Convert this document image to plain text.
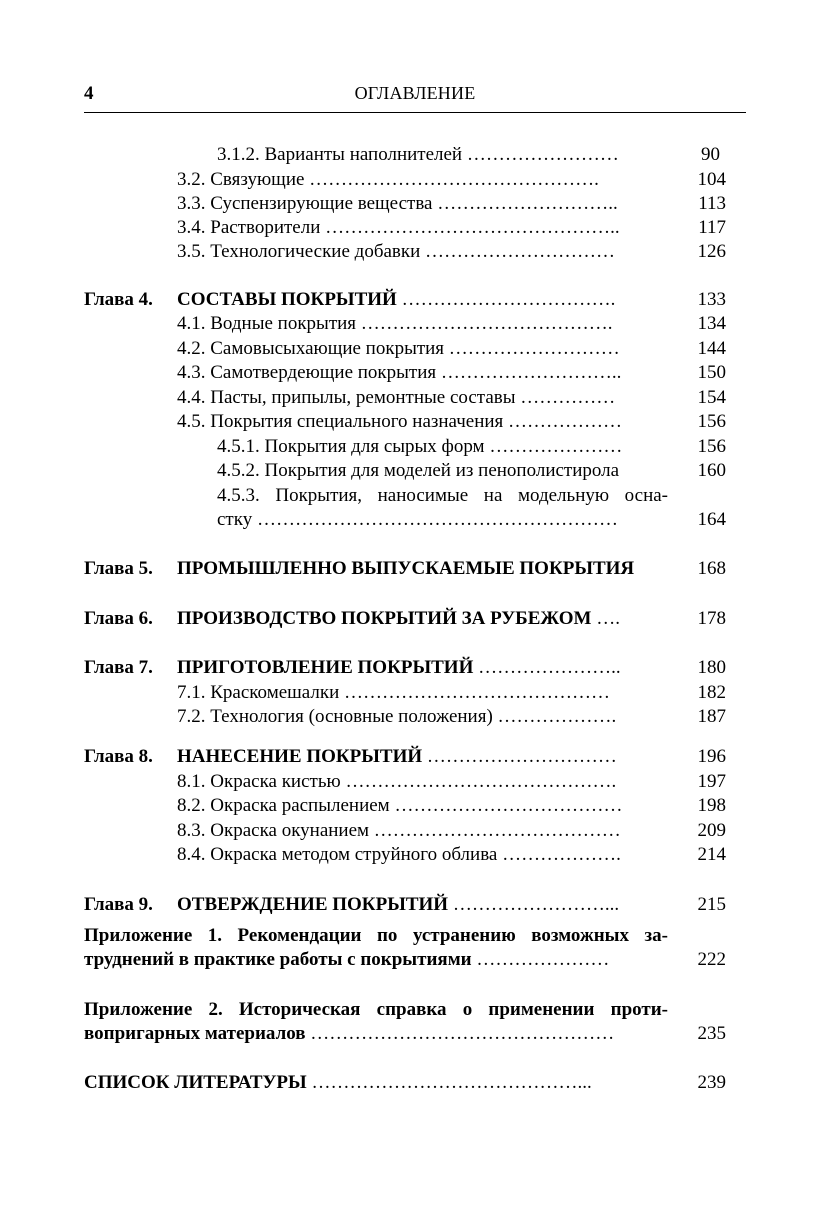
4	ОГЛАВЛЕНИЕ
3.1.2. Варианты наполнителей ……………………	90
3.2. Связующие ……………………………………….	104
3.3. Суспензирующие вещества ………………………..	113
3.4. Растворители ………………………………………..	117
3.5. Технологические добавки …………………………	126
Глава 4. СОСТАВЫ ПОКРЫТИЙ …………………………….	133
4.1. Водные покрытия ………………………………….	134
4.2. Самовысыхающие покрытия ………………………	144
4.3. Самотвердеющие покрытия ………………………..	150
4.4. Пасты, припылы, ремонтные составы ……………	154
4.5. Покрытия специального назначения ………………	156
4.5.1. Покрытия для сырых форм …………………	156
4.5.2. Покрытия для моделей из пенополистирола	160
4.5.3. Покрытия, наносимые на модельную осна-
стку …………………………………………………	164
Глава 5. ПРОМЫШЛЕННО ВЫПУСКАЕМЫЕ ПОКРЫТИЯ	168
Глава 6. ПРОИЗВОДСТВО ПОКРЫТИЙ ЗА РУБЕЖОМ ….	178
Глава 7. ПРИГОТОВЛЕНИЕ ПОКРЫТИЙ …………………..	180
7.1. Краскомешалки ……………………………………	182
7.2. Технология (основные положения) ……………….	187
Глава 8. НАНЕСЕНИЕ ПОКРЫТИЙ …………………………	196
8.1. Окраска кистью …………………………………….	197
8.2. Окраска распылением ………………………………	198
8.3. Окраска окунанием …………………………………	209
8.4. Окраска методом струйного облива ……………….	214
Глава 9. ОТВЕРЖДЕНИЕ ПОКРЫТИЙ ……………………...	215
Приложение 1. Рекомендации по устранению возможных за-
труднений в практике работы с покрытиями …………………	222
Приложение 2. Историческая справка о применении проти-
вопригарных материалов …………………………………………	235
СПИСОК ЛИТЕРАТУРЫ ……………………………………...	239
